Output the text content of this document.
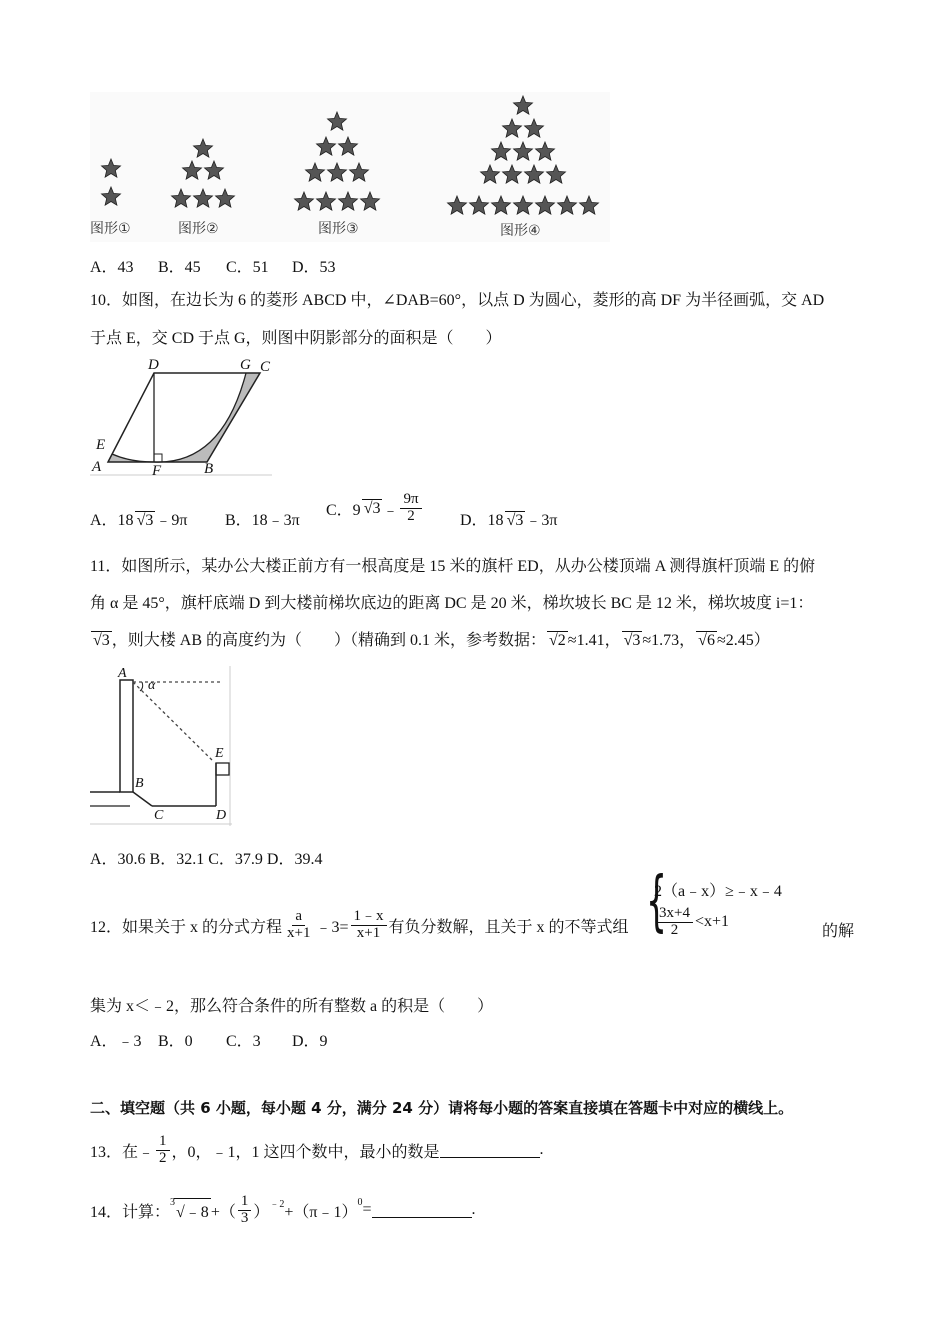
图形①	图形②	图形③	图形④
A．43 B．45 C．51 D．53
10．如图，在边长为 6 的菱形 ABCD 中，∠DAB=60°，以点 D 为圆心，菱形的高 DF 为半径画弧，交 AD
于点 E，交 CD 于点 G，则图中阴影部分的面积是（　　）
D	G C
E
A	F	B
A．18 √3 ﹣9π B．18﹣3π
C．9 √3 ﹣ $\frac{9\pi}{2}$ D．18 √3 ﹣3π
11．如图所示，某办公大楼正前方有一根高度是 15 米的旗杆 ED，从办公楼顶端 A 测得旗杆顶端 E 的俯
角 α 是 45°，旗杆底端 D 到大楼前梯坎底边的距离 DC 是 20 米，梯坎坡长 BC 是 12 米，梯坎坡度 i=1：
√3 ，则大楼 AB 的高度约为（　　）（精确到 0.1 米，参考数据： √2 ≈1.41， √3 ≈1.73， √6 ≈2.45）
A
α
E
B
C	D
A．30.6 B．32.1 C．37.9 D．39.4
12．如果关于 x 的分式方程 $\frac{a}{x+1}$ ﹣3= $\frac{1﹣x}{x+1}$ 有负分数解，且关于 x 的不等式组 {
2（a﹣x）≥﹣x﹣4
$\frac{3x+4}{2} <x+1$
的解
集为 x＜﹣2，那么符合条件的所有整数 a 的积是（　　）
A．﹣3 B．0 C．3 D．9
二、填空题（共 6 小题，每小题 4 分，满分 24 分）请将每小题的答案直接填在答题卡中对应的横线上。
13．在﹣ $\frac{1}{2}$ ，0，﹣1，1 这四个数中，最小的数是	.
14．计算：
$^3$
√﹣8 +（ $\frac{1}{3} )^{﹣2}$ +（π﹣1）
$^0$ =	.
